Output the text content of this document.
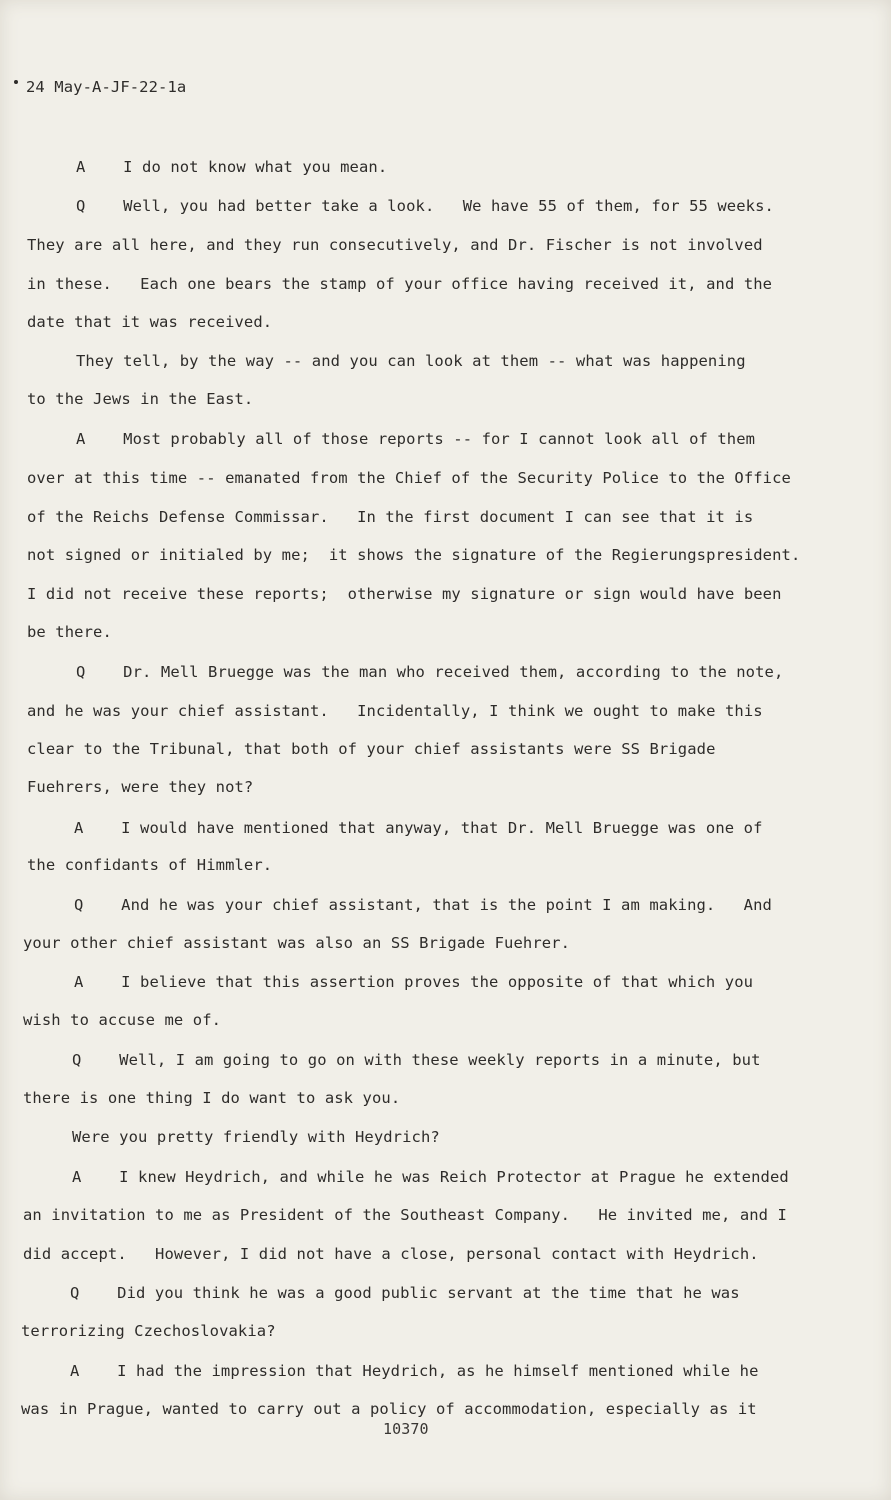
24 May-A-JF-22-1a
A    I do not know what you mean.
Q    Well, you had better take a look.   We have 55 of them, for 55 weeks.
They are all here, and they run consecutively, and Dr. Fischer is not involved
in these.   Each one bears the stamp of your office having received it, and the
date that it was received.
They tell, by the way -- and you can look at them -- what was happening
to the Jews in the East.
A    Most probably all of those reports -- for I cannot look all of them
over at this time -- emanated from the Chief of the Security Police to the Office
of the Reichs Defense Commissar.   In the first document I can see that it is
not signed or initialed by me;  it shows the signature of the Regierungspresident.
I did not receive these reports;  otherwise my signature or sign would have been
be there.
Q    Dr. Mell Bruegge was the man who received them, according to the note,
and he was your chief assistant.   Incidentally, I think we ought to make this
clear to the Tribunal, that both of your chief assistants were SS Brigade
Fuehrers, were they not?
A    I would have mentioned that anyway, that Dr. Mell Bruegge was one of
the confidants of Himmler.
Q    And he was your chief assistant, that is the point I am making.   And
your other chief assistant was also an SS Brigade Fuehrer.
A    I believe that this assertion proves the opposite of that which you
wish to accuse me of.
Q    Well, I am going to go on with these weekly reports in a minute, but
there is one thing I do want to ask you.
Were you pretty friendly with Heydrich?
A    I knew Heydrich, and while he was Reich Protector at Prague he extended
an invitation to me as President of the Southeast Company.   He invited me, and I
did accept.   However, I did not have a close, personal contact with Heydrich.
Q    Did you think he was a good public servant at the time that he was
terrorizing Czechoslovakia?
A    I had the impression that Heydrich, as he himself mentioned while he
was in Prague, wanted to carry out a policy of accommodation, especially as it
10370
